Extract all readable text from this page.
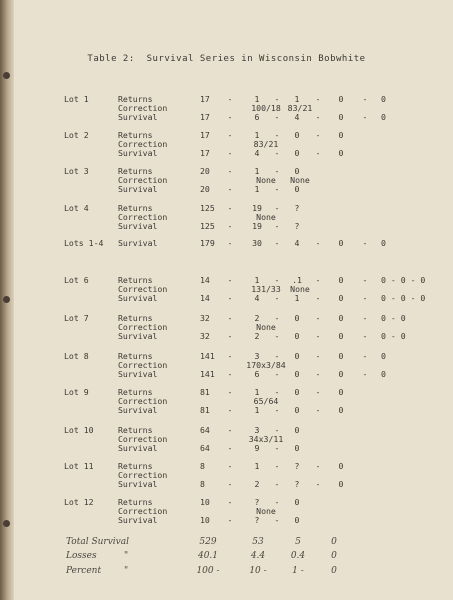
Table 2:  Survival Series in Wisconsin Bobwhite
Lot 1	Returns	17 -	1 - 1 - 0 - 0
Correction	100/18 83/21
Survival	17 -	6 - 4 - 0 - 0
Lot 2	Returns	17 -	1 - 0 - 0
Correction	83/21
Survival	17 -	4 - 0 - 0
Lot 3	Returns	20 -	1 - 0
Correction	None None
Survival	20 -	1 - 0
Lot 4	Returns	125 - 19 - ?
Correction	None
Survival	125 - 19 - ?
Lots 1-4 Survival	179 - 30 - 4 - 0 - 0
Lot 6	Returns	14 -	1 - .1 - 0 - 0 - 0 - 0
Correction	131/33 None
Survival	14 -	4 - 1 - 0 - 0 - 0 - 0
Lot 7	Returns	32 -	2 - 0 - 0 - 0 - 0
Correction	None
Survival	32 -	2 - 0 - 0 - 0 - 0
Lot 8	Returns	141 -	3 - 0 - 0 - 0
Correction	170x3/84
Survival	141 -	6 - 0 - 0 - 0
Lot 9	Returns	81 -	1 - 0 - 0
Correction	65/64
Survival	81 -	1 - 0 - 0
Lot 10	Returns	64 -	3 - 0
Correction	34x3/11
Survival	64 -	9 - 0
Lot 11	Returns	8	-	1 - ? - 0
Correction
Survival	8	-	2 - ? - 0
Lot 12	Returns	10 -	? - 0
Correction	None
Survival	10 -	? - 0
Total Survival	529	53	5	0
Losses	"	40.1	4.4	0.4	0
Percent	"	100 -	10 -	1 -	0
